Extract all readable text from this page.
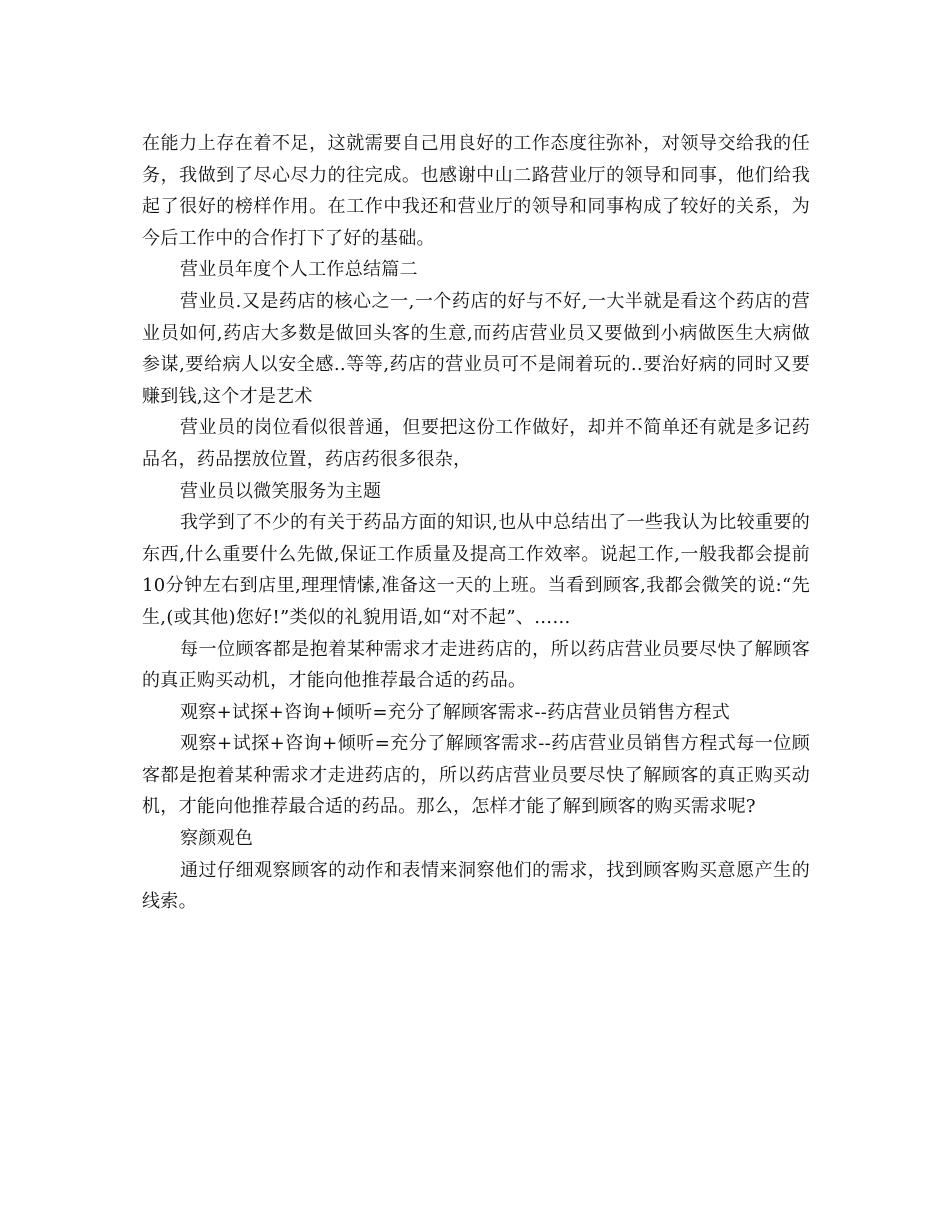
在能力上存在着不足，这就需要自己用良好的工作态度往弥补，对领导交给我的任务，我做到了尽心尽力的往完成。也感谢中山二路营业厅的领导和同事，他们给我起了很好的榜样作用。在工作中我还和营业厅的领导和同事构成了较好的关系，为今后工作中的合作打下了好的基础。

营业员年度个人工作总结篇二

营业员.又是药店的核心之一,一个药店的好与不好,一大半就是看这个药店的营业员如何,药店大多数是做回头客的生意,而药店营业员又要做到小病做医生大病做参谋,要给病人以安全感..等等,药店的营业员可不是闹着玩的..要治好病的同时又要赚到钱,这个才是艺术

营业员的岗位看似很普通，但要把这份工作做好，却并不简单还有就是多记药品名，药品摆放位置，药店药很多很杂，

营业员以微笑服务为主题

我学到了不少的有关于药品方面的知识,也从中总结出了一些我认为比较重要的东西,什么重要什么先做,保证工作质量及提高工作效率。说起工作,一般我都会提前10分钟左右到店里,理理情愫,准备这一天的上班。当看到顾客,我都会微笑的说:“先生,(或其他)您好!”类似的礼貌用语,如“对不起”、……

每一位顾客都是抱着某种需求才走进药店的，所以药店营业员要尽快了解顾客的真正购买动机，才能向他推荐最合适的药品。

观察+试探+咨询+倾听=充分了解顾客需求--药店营业员销售方程式

观察+试探+咨询+倾听=充分了解顾客需求--药店营业员销售方程式每一位顾客都是抱着某种需求才走进药店的，所以药店营业员要尽快了解顾客的真正购买动机，才能向他推荐最合适的药品。那么，怎样才能了解到顾客的购买需求呢?

察颜观色

通过仔细观察顾客的动作和表情来洞察他们的需求，找到顾客购买意愿产生的线索。
